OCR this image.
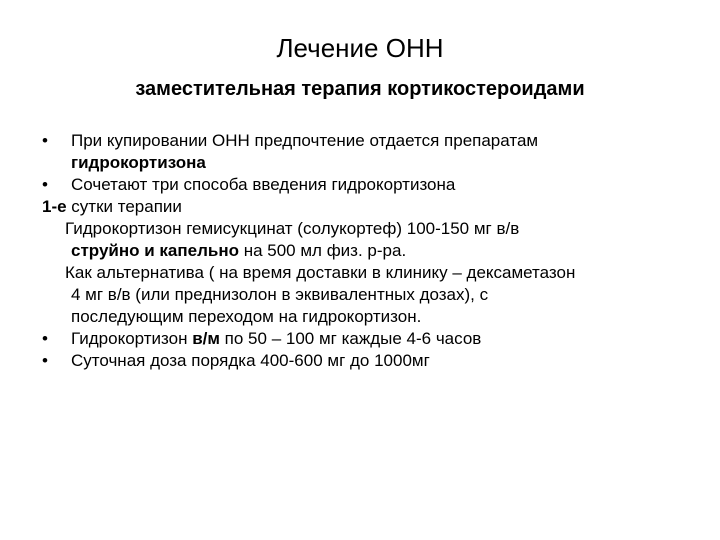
Лечение ОНН
заместительная терапия кортикостероидами
•	При купировании ОНН предпочтение отдается препаратам
гидрокортизона
•	Сочетают три способа введения гидрокортизона
1-е сутки терапии
Гидрокортизон гемисукцинат (солукортеф) 100-150 мг в/в
струйно и капельно на 500 мл физ. р-ра.
Как альтернатива ( на время доставки в клинику – дексаметазон
4 мг в/в (или преднизолон в эквивалентных дозах), с
последующим переходом на гидрокортизон.
•	Гидрокортизон в/м по 50 – 100 мг каждые 4-6 часов
•	Суточная доза порядка 400-600 мг до 1000мг
